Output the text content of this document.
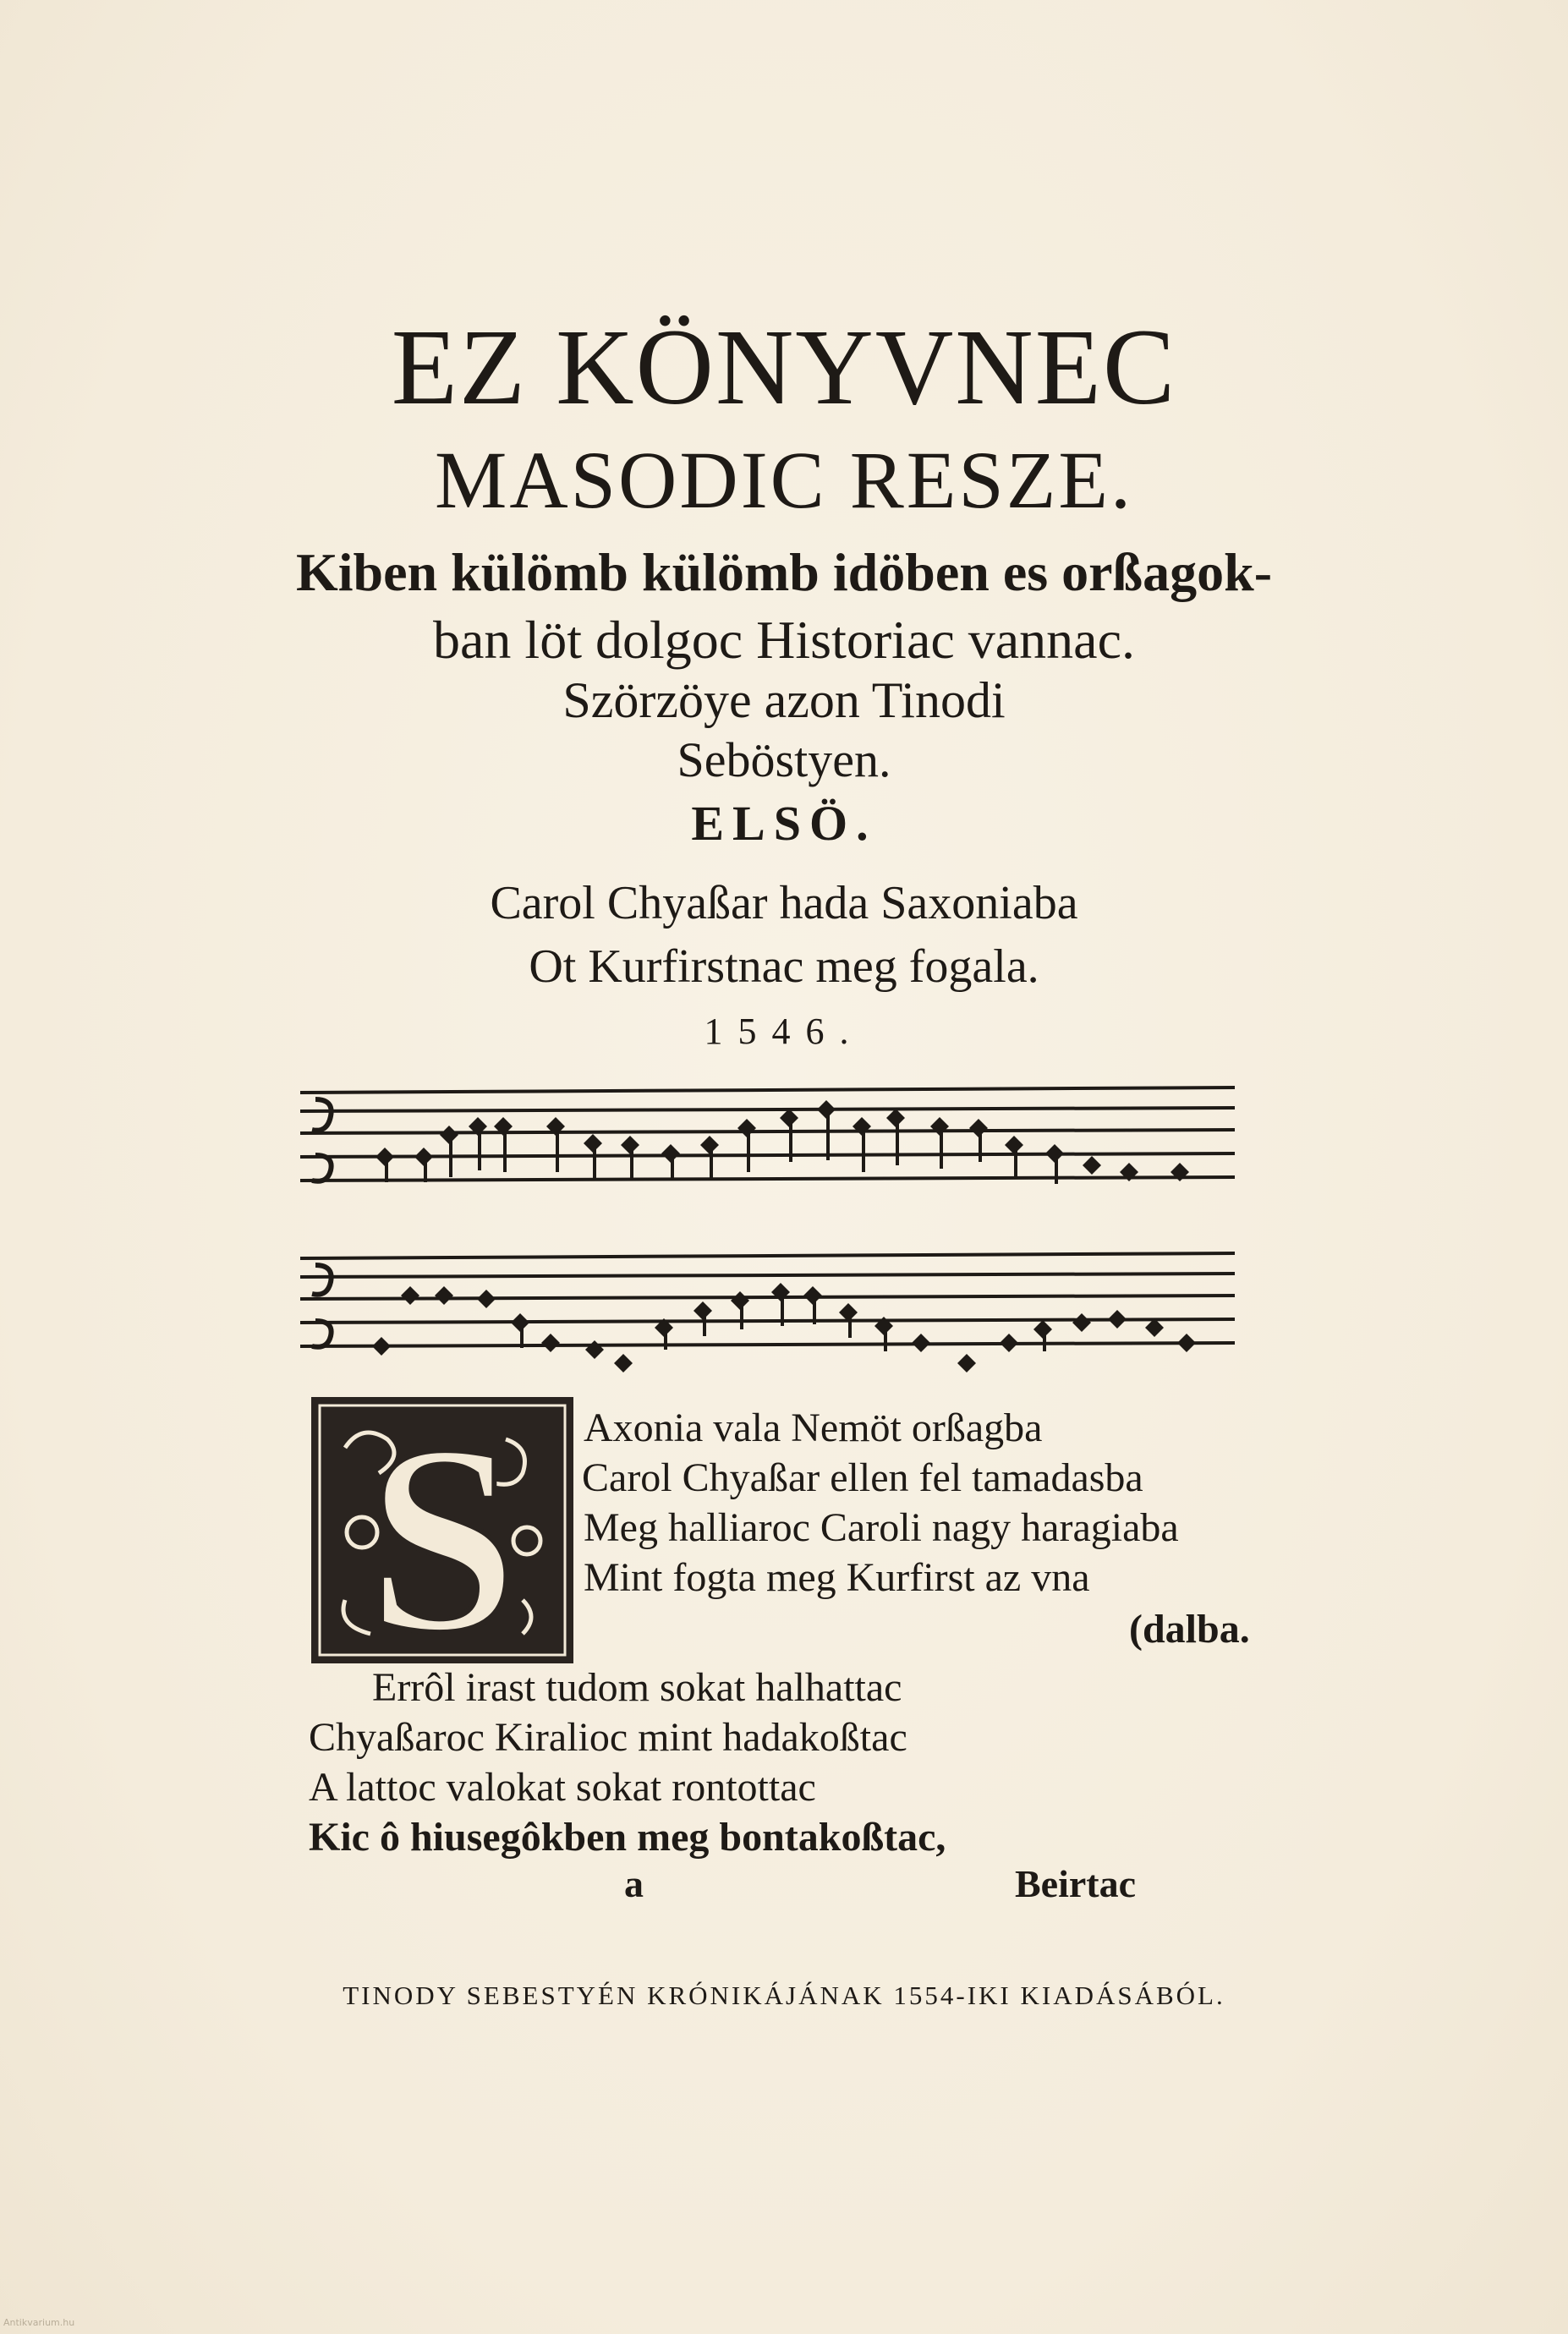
EZ KÖNYVNEC
MASODIC RESZE.
Kiben külömb külömb idöben es orßagok-
ban löt dolgoc Historiac vannac.
Szörzöye azon Tinodi
Seböstyen.
ELSÖ.
Carol Chyaßar hada Saxoniaba
Ot Kurfirstnac meg fogala.
1546.
S Axonia vala Nemöt orßagba
Carol Chyaßar ellen fel tamadasba
Meg halliaroc Caroli nagy haragiaba
Mint fogta meg Kurfirst az vna
(dalba.
Errôl irast tudom sokat halhattac
Chyaßaroc Kiralioc mint hadakoßtac
A lattoc valokat sokat rontottac
Kic ô hiusegôkben meg bontakoßtac,
a	Beirtac
TINODY SEBESTYÉN KRÓNIKÁJÁNAK 1554-IKI KIADÁSÁBÓL.
Antikvarium.hu
